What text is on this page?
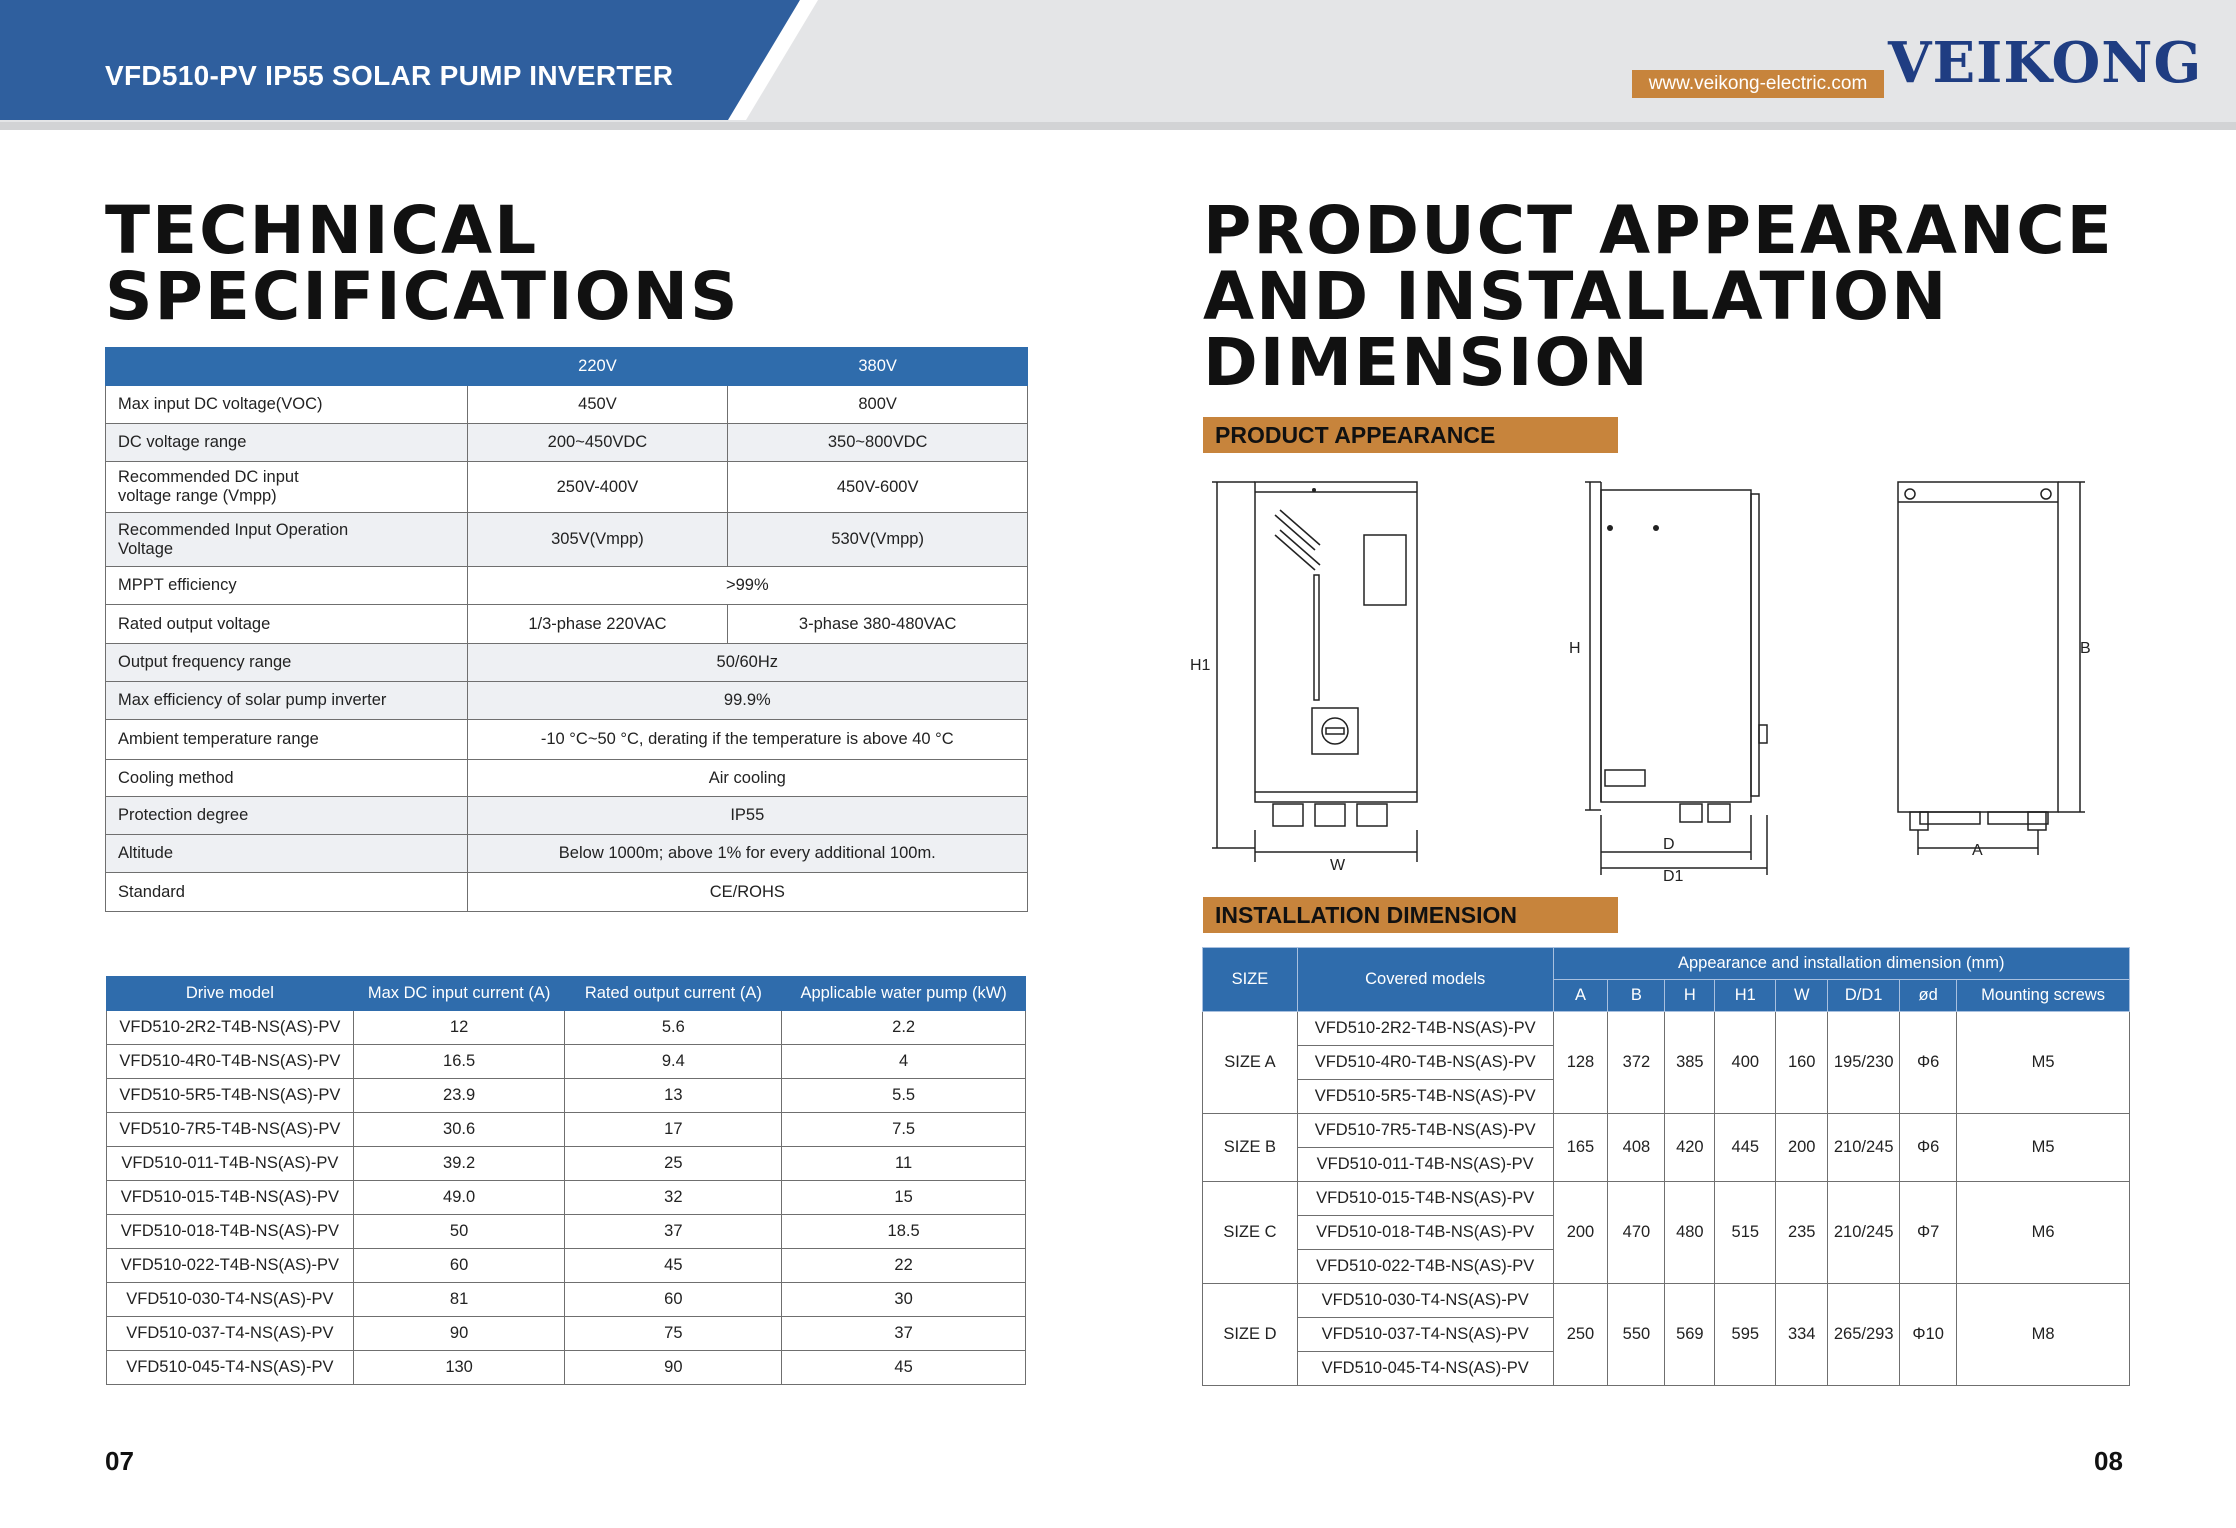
VFD510-PV IP55 SOLAR PUMP INVERTER	www.veikong-electric.com VEIKONG
TECHNICAL
SPECIFICATIONS
	220V	380V
Max input DC voltage(VOC)	450V	800V
DC voltage range	200~450VDC	350~800VDC
Recommended DC input
voltage range (Vmpp)	250V-400V	450V-600V
Recommended Input Operation
Voltage	305V(Vmpp)	530V(Vmpp)
MPPT efficiency	>99%	
Rated output voltage	1/3-phase 220VAC	3-phase 380-480VAC
Output frequency range	50/60Hz	
Max efficiency of solar pump inverter	99.9%	
Ambient temperature range	-10 °C~50 °C, derating if the temperature is above 40 °C	
Cooling method	Air cooling	
Protection degree	IP55	
Altitude	Below 1000m; above 1% for every additional 100m.	
Standard	CE/ROHS	
Drive model	Max DC input current (A)	Rated output current (A)	Applicable water pump (kW)
VFD510-2R2-T4B-NS(AS)-PV	12	5.6	2.2
VFD510-4R0-T4B-NS(AS)-PV	16.5	9.4	4
VFD510-5R5-T4B-NS(AS)-PV	23.9	13	5.5
VFD510-7R5-T4B-NS(AS)-PV	30.6	17	7.5
VFD510-011-T4B-NS(AS)-PV	39.2	25	11
VFD510-015-T4B-NS(AS)-PV	49.0	32	15
VFD510-018-T4B-NS(AS)-PV	50	37	18.5
VFD510-022-T4B-NS(AS)-PV	60	45	22
VFD510-030-T4-NS(AS)-PV	81	60	30
VFD510-037-T4-NS(AS)-PV	90	75	37
VFD510-045-T4-NS(AS)-PV	130	90	45
07
PRODUCT APPEARANCE
AND INSTALLATION
DIMENSION
PRODUCT APPEARANCE
H1
W
H
D
D1
B
A
INSTALLATION DIMENSION
SIZE	Covered models	Appearance and installation dimension (mm)							
		A	B	H	H1	W	D/D1	ød	Mounting screws
SIZE A	VFD510-2R2-T4B-NS(AS)-PV	128	372	385	400	160	195/230	Φ6	M5
	VFD510-4R0-T4B-NS(AS)-PV								
	VFD510-5R5-T4B-NS(AS)-PV								
SIZE B	VFD510-7R5-T4B-NS(AS)-PV	165	408	420	445	200	210/245	Φ6	M5
	VFD510-011-T4B-NS(AS)-PV								
SIZE C	VFD510-015-T4B-NS(AS)-PV	200	470	480	515	235	210/245	Φ7	M6
	VFD510-018-T4B-NS(AS)-PV								
	VFD510-022-T4B-NS(AS)-PV								
SIZE D	VFD510-030-T4-NS(AS)-PV	250	550	569	595	334	265/293	Φ10	M8
	VFD510-037-T4-NS(AS)-PV								
	VFD510-045-T4-NS(AS)-PV								
08
